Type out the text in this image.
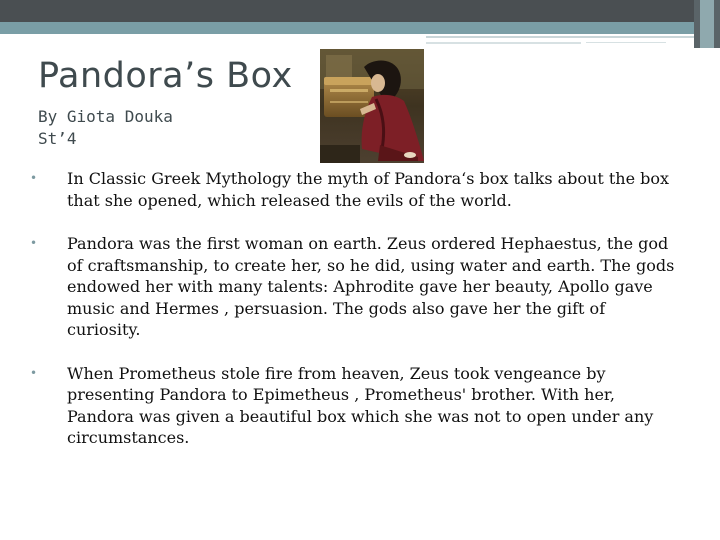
Pandora’s Box
By Giota Douka
St’4
• In Classic Greek Mythology the myth of Pandora‘s box talks about the box that she opened, which released the evils of the world.
• Pandora was the first woman on earth. Zeus ordered Hephaestus, the god of craftsmanship, to create her, so he did, using water and earth. The gods endowed her with many talents: Aphrodite gave her beauty, Apollo gave music and Hermes , persuasion. The gods also gave her the gift of curiosity.
• When Prometheus stole fire from heaven, Zeus took vengeance by presenting Pandora to Epimetheus , Prometheus' brother. With her, Pandora was given a beautiful box which she was not to open under any circumstances.
